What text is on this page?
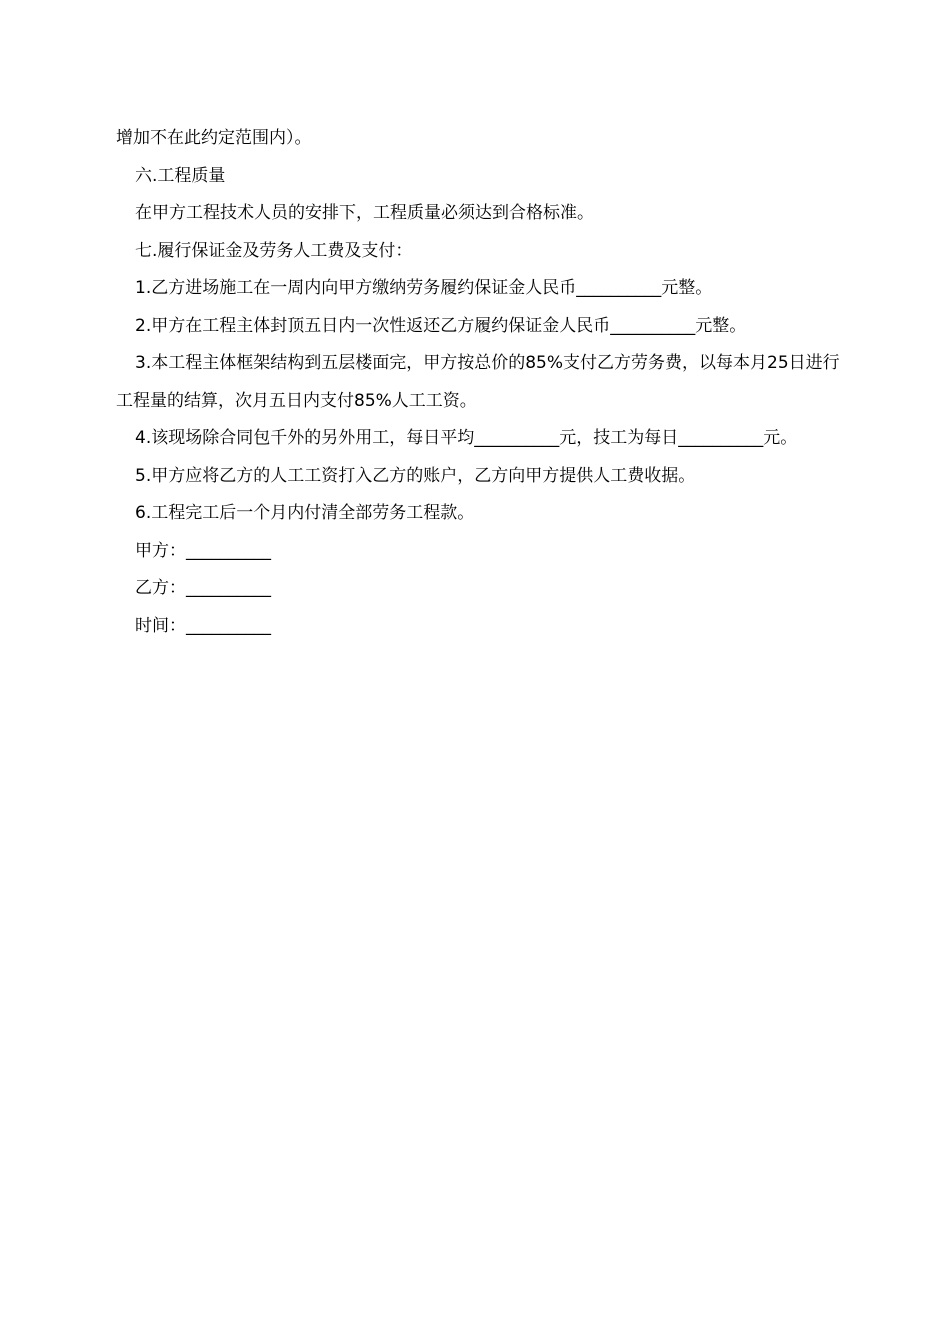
增加不在此约定范围内）。

六.工程质量

在甲方工程技术人员的安排下，工程质量必须达到合格标准。

七.履行保证金及劳务人工费及支付：

1.乙方进场施工在一周内向甲方缴纳劳务履约保证金人民币__________元整。

2.甲方在工程主体封顶五日内一次性返还乙方履约保证金人民币__________元整。

3.本工程主体框架结构到五层楼面完，甲方按总价的85%支付乙方劳务费，以每本月25日进行工程量的结算，次月五日内支付85%人工工资。

4.该现场除合同包千外的另外用工，每日平均__________元，技工为每日__________元。

5.甲方应将乙方的人工工资打入乙方的账户，乙方向甲方提供人工费收据。

6.工程完工后一个月内付清全部劳务工程款。

甲方：__________

乙方：__________

时间：__________
